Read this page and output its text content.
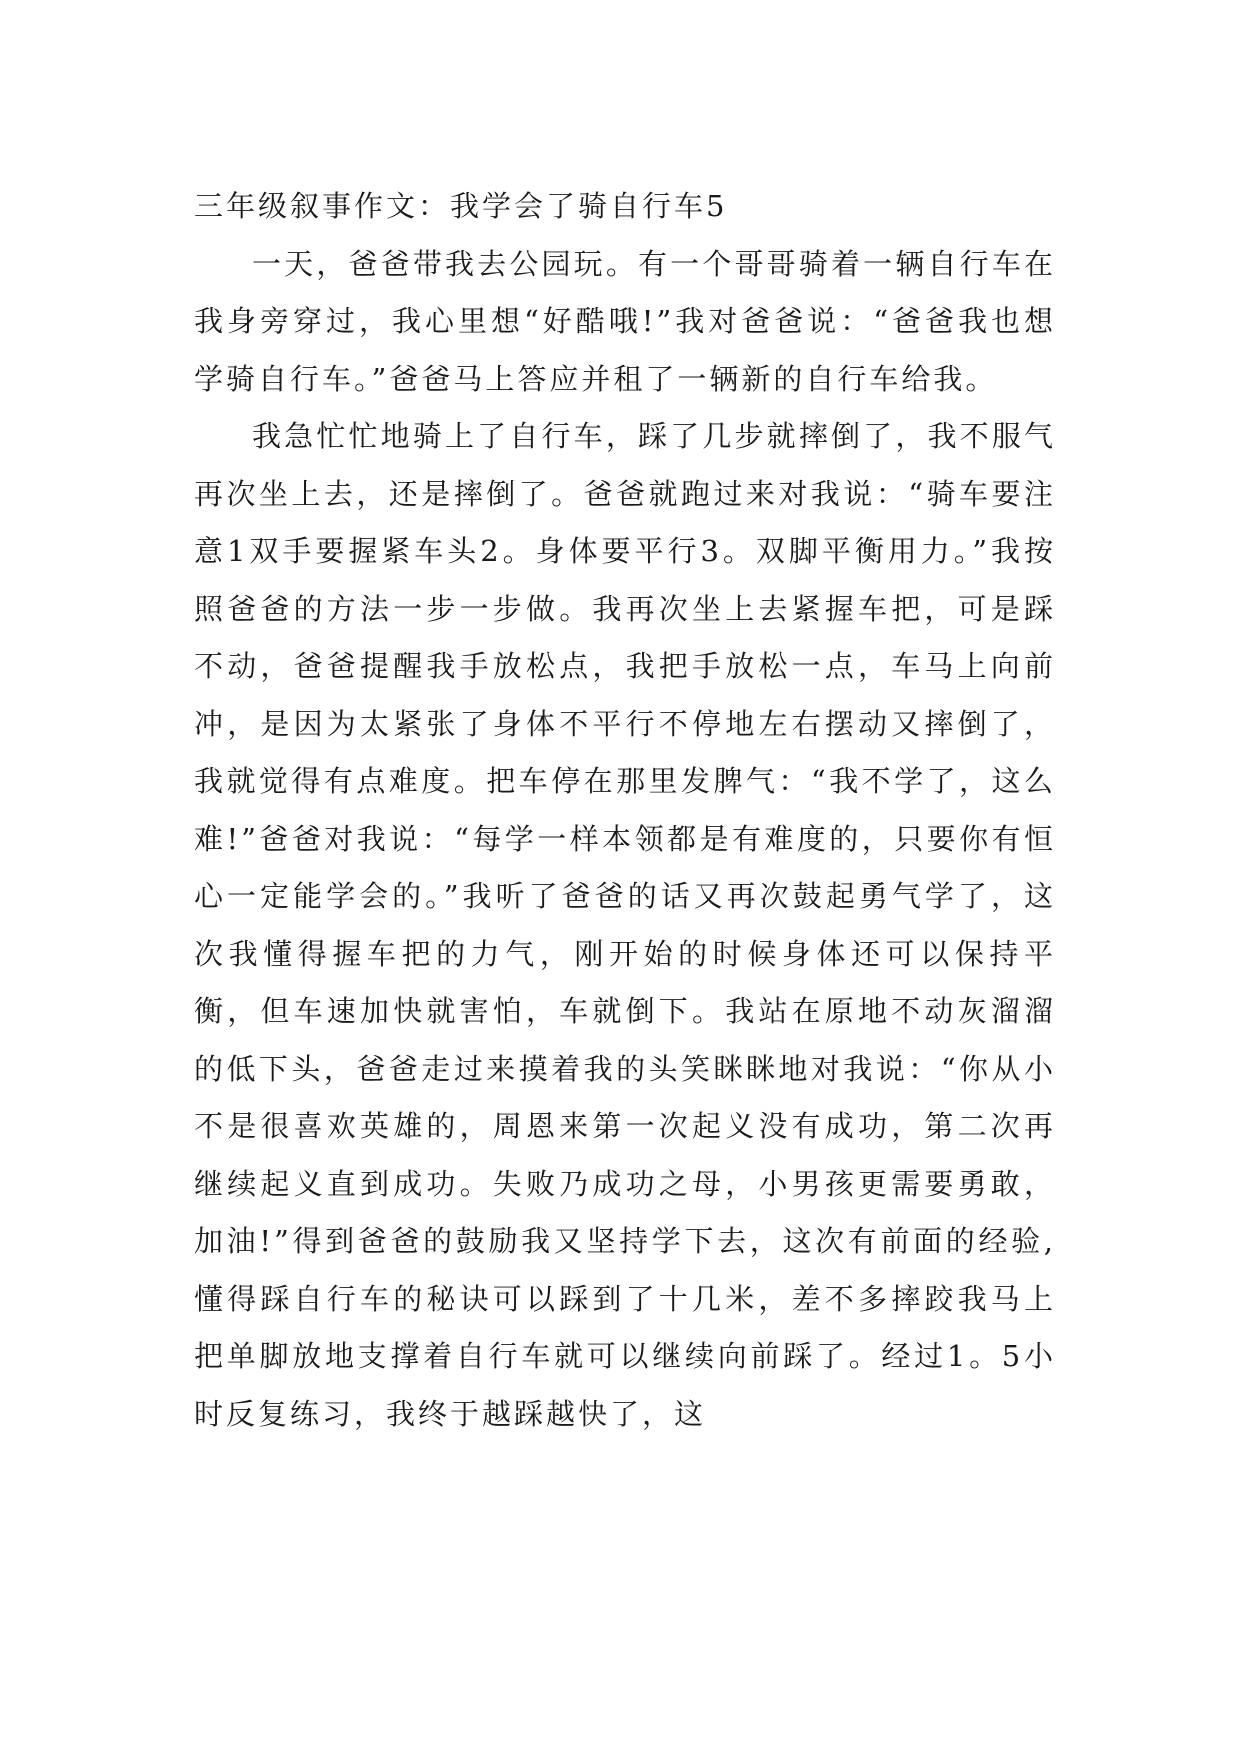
三年级叙事作文：我学会了骑自行车5

一天，爸爸带我去公园玩。有一个哥哥骑着一辆自行车在我身旁穿过，我心里想“好酷哦!”我对爸爸说：“爸爸我也想学骑自行车。”爸爸马上答应并租了一辆新的自行车给我。

我急忙忙地骑上了自行车，踩了几步就摔倒了，我不服气再次坐上去，还是摔倒了。爸爸就跑过来对我说：“骑车要注意1双手要握紧车头2。身体要平行3。双脚平衡用力。”我按照爸爸的方法一步一步做。我再次坐上去紧握车把，可是踩不动，爸爸提醒我手放松点，我把手放松一点，车马上向前冲，是因为太紧张了身体不平行不停地左右摆动又摔倒了，我就觉得有点难度。把车停在那里发脾气：“我不学了，这么难!”爸爸对我说：“每学一样本领都是有难度的，只要你有恒心一定能学会的。”我听了爸爸的话又再次鼓起勇气学了，这次我懂得握车把的力气，刚开始的时候身体还可以保持平衡，但车速加快就害怕，车就倒下。我站在原地不动灰溜溜的低下头，爸爸走过来摸着我的头笑眯眯地对我说：“你从小不是很喜欢英雄的，周恩来第一次起义没有成功，第二次再继续起义直到成功。失败乃成功之母，小男孩更需要勇敢，加油!”得到爸爸的鼓励我又坚持学下去，这次有前面的经验,懂得踩自行车的秘诀可以踩到了十几米，差不多摔跤我马上把单脚放地支撑着自行车就可以继续向前踩了。经过1。5小时反复练习，我终于越踩越快了，这
